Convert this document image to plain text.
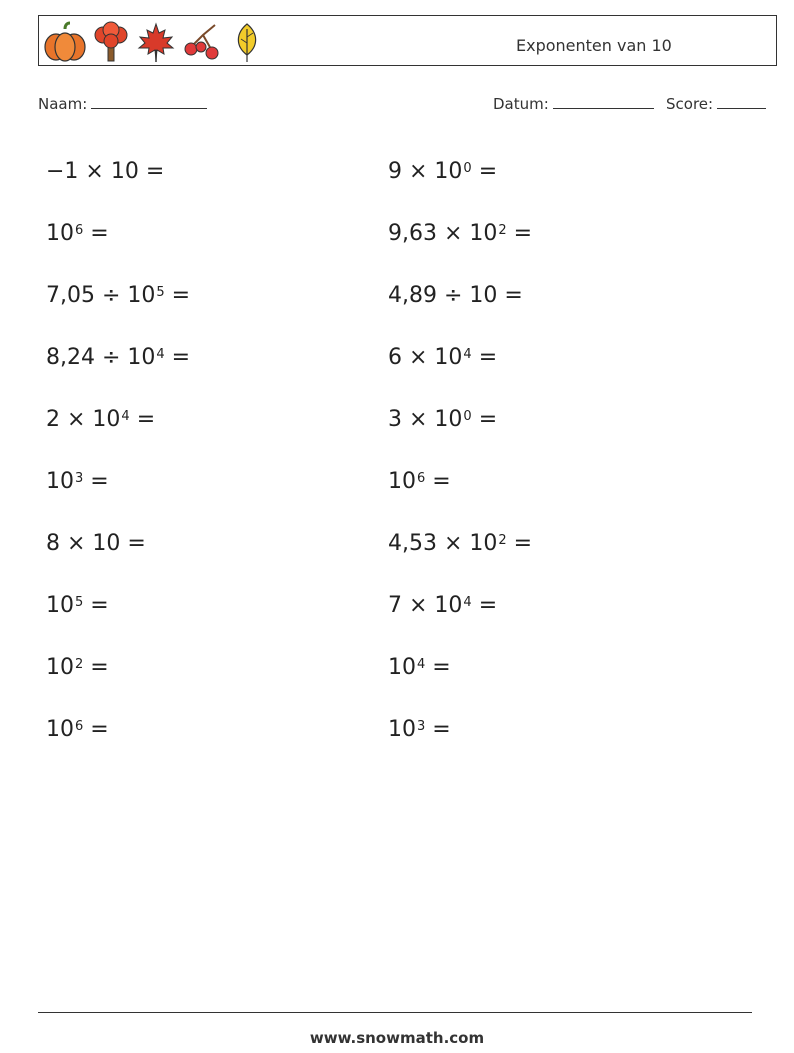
Exponenten van 10
Naam:	Datum:	Score:
−1 × 10 =
$10^6$ =
$7,05 \div 10^5$ =
$8,24 \div 10^4$ =
$2 \times 10^4$ =
$10^3$ =
8 × 10 =
$10^5$ =
$10^2$ =
$10^6$ =
$9 \times 10^0$ =
$9,63 \times 10^2$ =
4,89 ÷ 10 =
$6 \times 10^4$ =
$3 \times 10^0$ =
$10^6$ =
$4,53 \times 10^2$ =
$7 \times 10^4$ =
$10^4$ =
$10^3$ =
www.snowmath.com
